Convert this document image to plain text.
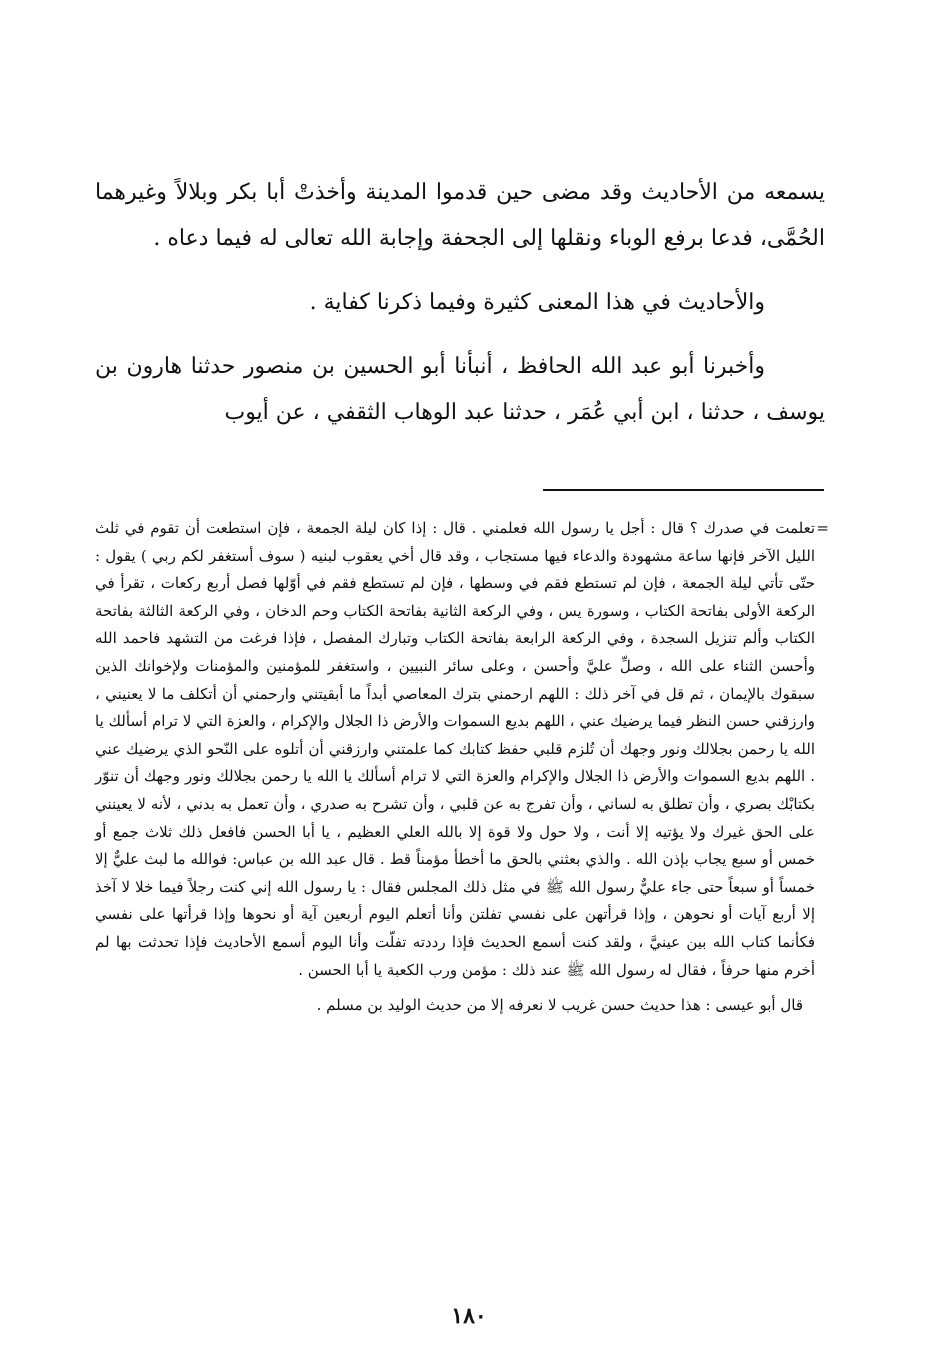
يسمعه من الأحاديث وقد مضى حين قدموا المدينة وأخذتْ أبا بكر وبلالاً وغيرهما الحُمَّى، فدعا برفع الوباء ونقلها إلى الجحفة وإجابة الله تعالى له فيما دعاه .

والأحاديث في هذا المعنى كثيرة وفيما ذكرنا كفاية .

وأخبرنا أبو عبد الله الحافظ ، أنبأنا أبو الحسين بن منصور حدثنا هارون بن يوسف ، حدثنا ، ابن أبي عُمَر ، حدثنا عبد الوهاب الثقفي ، عن أيوب

=

تعلمت في صدرك ؟ قال : أجل يا رسول الله فعلمني . قال : إذا كان ليلة الجمعة ، فإن استطعت أن تقوم في ثلث الليل الآخر فإنها ساعة مشهودة والدعاء فيها مستجاب ، وقد قال أخي يعقوب لبنيه ( سوف أستغفر لكم ربي ) يقول : حتّى تأتي ليلة الجمعة ، فإن لم تستطع فقم في وسطها ، فإن لم تستطع فقم في أوّلها فصل أربع ركعات ، تقرأ في الركعة الأولى بفاتحة الكتاب ، وسورة يس ، وفي الركعة الثانية بفاتحة الكتاب وحم الدخان ، وفي الركعة الثالثة بفاتحة الكتاب وألم تنزيل السجدة ، وفي الركعة الرابعة بفاتحة الكتاب وتبارك المفصل ، فإذا فرغت من التشهد فاحمد الله وأحسن الثناء على الله ، وصلِّ عليَّ وأحسن ، وعلى سائر النبيين ، واستغفر للمؤمنين والمؤمنات ولإخوانك الذين سبقوك بالإيمان ، ثم قل في آخر ذلك : اللهم ارحمني بترك المعاصي أبداً ما أبقيتني وارحمني أن أتكلف ما لا يعنيني ، وارزقني حسن النظر فيما يرضيك عني ، اللهم بديع السموات والأرض ذا الجلال والإكرام ، والعزة التي لا ترام أسألك يا الله يا رحمن بجلالك ونور وجهك أن تُلزم قلبي حفظ كتابك كما علمتني وارزقني أن أتلوه على النّحو الذي يرضيك عني . اللهم بديع السموات والأرض ذا الجلال والإكرام والعزة التي لا ترام أسألك يا الله يا رحمن بجلالك ونور وجهك أن تنوّر بكتابْك بصري ، وأن تطلق به لساني ، وأن تفرج به عن قلبي ، وأن تشرح به صدري ، وأن تعمل به بدني ، لأنه لا يعينني على الحق غيرك ولا يؤتيه إلا أنت ، ولا حول ولا قوة إلا بالله العلي العظيم ، يا أبا الحسن فافعل ذلك ثلاث جمع أو خمس أو سبع يجاب بإذن الله . والذي بعثني بالحق ما أخطأ مؤمناً قط . قال عبد الله بن عباس: فوالله ما لبث عليٌّ إلا خمساً أو سبعاً حتى جاء عليٌّ رسول الله ﷺ في مثل ذلك المجلس فقال : يا رسول الله إني كنت رجلاً فيما خلا لا آخذ إلا أربع آيات أو نحوهن ، وإذا قرأتهن على نفسي تفلتن وأنا أتعلم اليوم أربعين آية أو نحوها وإذا قرأتها على نفسي فكأنما كتاب الله بين عينيَّ ، ولقد كنت أسمع الحديث فإذا رددته تفلّت وأنا اليوم أسمع الأحاديث فإذا تحدثت بها لم أخرم منها حرفاً ، فقال له رسول الله ﷺ عند ذلك : مؤمن ورب الكعبة يا أبا الحسن .

قال أبو عيسى : هذا حديث حسن غريب لا نعرفه إلا من حديث الوليد بن مسلم .

١٨٠
